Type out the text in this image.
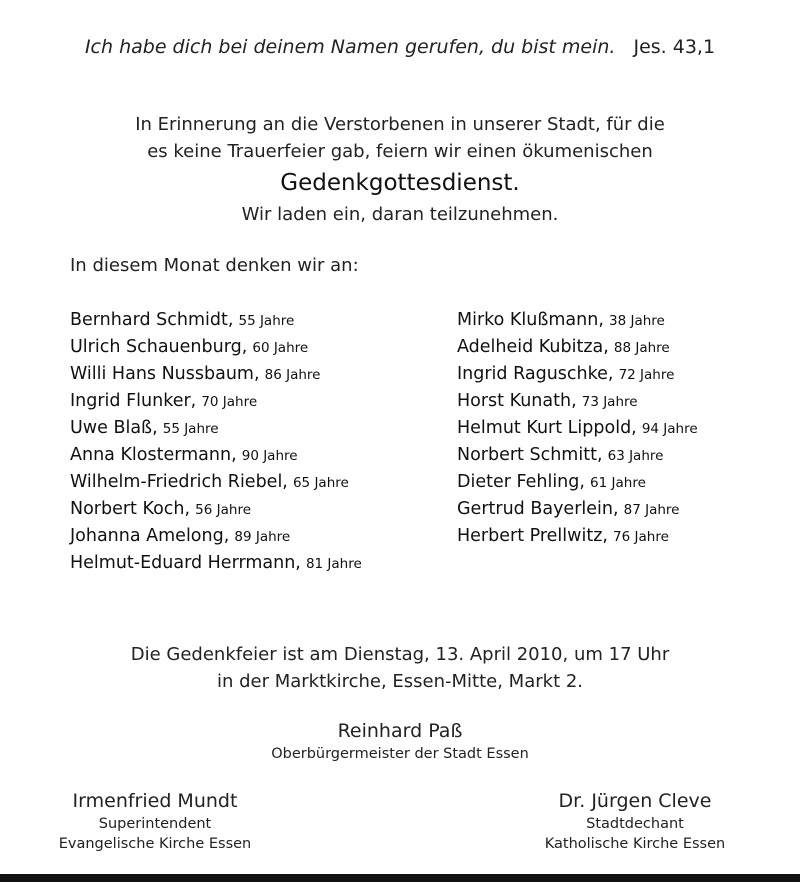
Ich habe dich bei deinem Namen gerufen, du bist mein. Jes. 43,1
In Erinnerung an die Verstorbenen in unserer Stadt, für die
es keine Trauerfeier gab, feiern wir einen ökumenischen
Gedenkgottesdienst.
Wir laden ein, daran teilzunehmen.
In diesem Monat denken wir an:
Bernhard Schmidt, 55 Jahre
Ulrich Schauenburg, 60 Jahre
Willi Hans Nussbaum, 86 Jahre
Ingrid Flunker, 70 Jahre
Uwe Blaß, 55 Jahre
Anna Klostermann, 90 Jahre
Wilhelm-Friedrich Riebel, 65 Jahre
Norbert Koch, 56 Jahre
Johanna Amelong, 89 Jahre
Helmut-Eduard Herrmann, 81 Jahre
Mirko Klußmann, 38 Jahre
Adelheid Kubitza, 88 Jahre
Ingrid Raguschke, 72 Jahre
Horst Kunath, 73 Jahre
Helmut Kurt Lippold, 94 Jahre
Norbert Schmitt, 63 Jahre
Dieter Fehling, 61 Jahre
Gertrud Bayerlein, 87 Jahre
Herbert Prellwitz, 76 Jahre
Die Gedenkfeier ist am Dienstag, 13. April 2010, um 17 Uhr
in der Marktkirche, Essen-Mitte, Markt 2.
Reinhard Paß
Oberbürgermeister der Stadt Essen
Irmenfried Mundt
Superintendent
Evangelische Kirche Essen
Dr. Jürgen Cleve
Stadtdechant
Katholische Kirche Essen
